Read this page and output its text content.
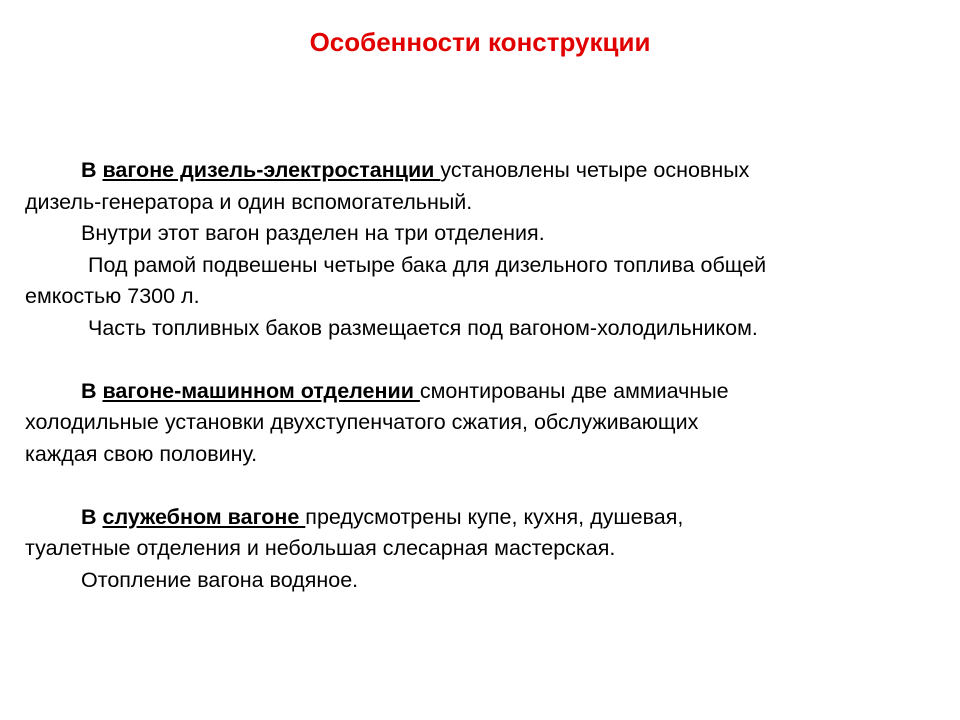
Особенности конструкции

В вагоне дизель-электростанции установлены четыре основных

дизель-генератора и один вспомогательный.

Внутри этот вагон разделен на три отделения.

Под рамой подвешены четыре бака для дизельного топлива общей

емкостью 7300 л.

Часть топливных баков размещается под вагоном-холодильником.

В вагоне-машинном отделении смонтированы две аммиачные

холодильные установки двухступенчатого сжатия, обслуживающих

каждая свою половину.

В служебном вагоне предусмотрены купе, кухня, душевая,

туалетные отделения и небольшая слесарная мастерская.

Отопление вагона водяное.
